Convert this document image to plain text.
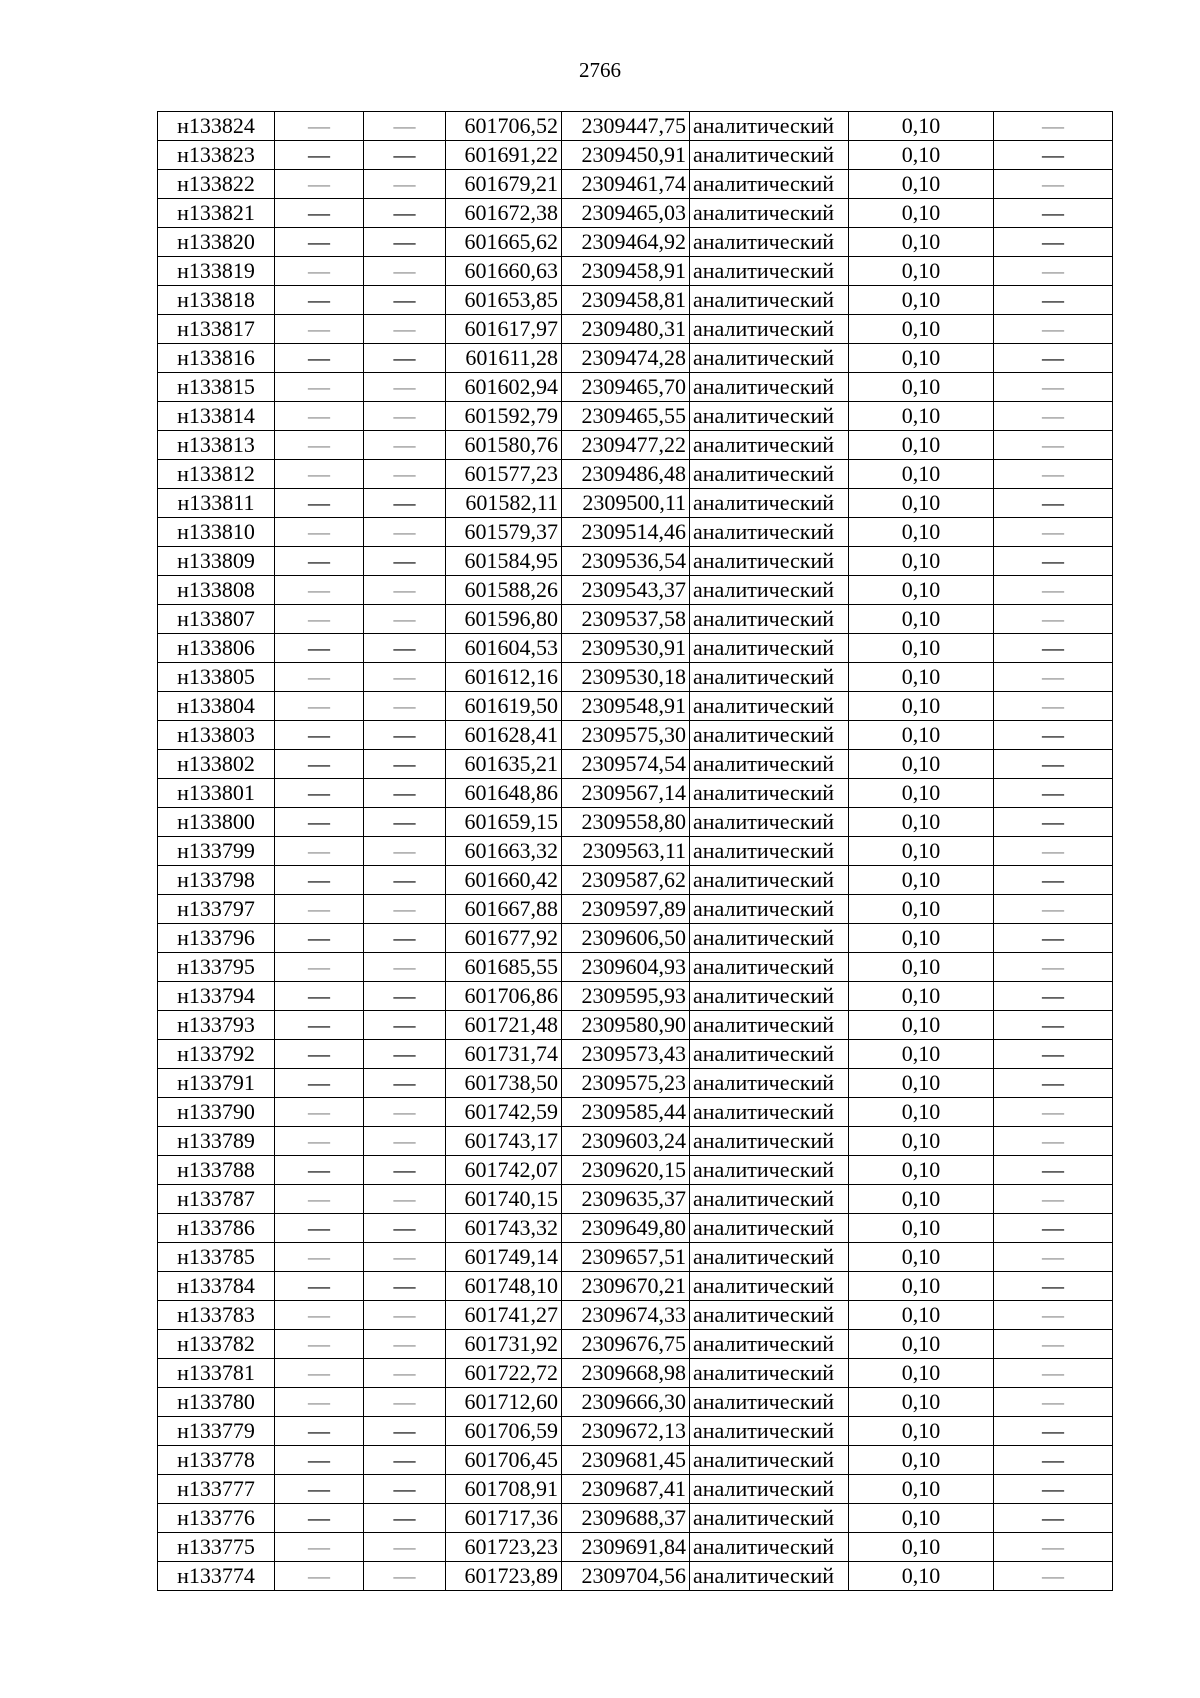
2766
н133824	—	—	601706,52	2309447,75	аналитический	0,10	—
н133823	—	—	601691,22	2309450,91	аналитический	0,10	—
н133822	—	—	601679,21	2309461,74	аналитический	0,10	—
н133821	—	—	601672,38	2309465,03	аналитический	0,10	—
н133820	—	—	601665,62	2309464,92	аналитический	0,10	—
н133819	—	—	601660,63	2309458,91	аналитический	0,10	—
н133818	—	—	601653,85	2309458,81	аналитический	0,10	—
н133817	—	—	601617,97	2309480,31	аналитический	0,10	—
н133816	—	—	601611,28	2309474,28	аналитический	0,10	—
н133815	—	—	601602,94	2309465,70	аналитический	0,10	—
н133814	—	—	601592,79	2309465,55	аналитический	0,10	—
н133813	—	—	601580,76	2309477,22	аналитический	0,10	—
н133812	—	—	601577,23	2309486,48	аналитический	0,10	—
н133811	—	—	601582,11	2309500,11	аналитический	0,10	—
н133810	—	—	601579,37	2309514,46	аналитический	0,10	—
н133809	—	—	601584,95	2309536,54	аналитический	0,10	—
н133808	—	—	601588,26	2309543,37	аналитический	0,10	—
н133807	—	—	601596,80	2309537,58	аналитический	0,10	—
н133806	—	—	601604,53	2309530,91	аналитический	0,10	—
н133805	—	—	601612,16	2309530,18	аналитический	0,10	—
н133804	—	—	601619,50	2309548,91	аналитический	0,10	—
н133803	—	—	601628,41	2309575,30	аналитический	0,10	—
н133802	—	—	601635,21	2309574,54	аналитический	0,10	—
н133801	—	—	601648,86	2309567,14	аналитический	0,10	—
н133800	—	—	601659,15	2309558,80	аналитический	0,10	—
н133799	—	—	601663,32	2309563,11	аналитический	0,10	—
н133798	—	—	601660,42	2309587,62	аналитический	0,10	—
н133797	—	—	601667,88	2309597,89	аналитический	0,10	—
н133796	—	—	601677,92	2309606,50	аналитический	0,10	—
н133795	—	—	601685,55	2309604,93	аналитический	0,10	—
н133794	—	—	601706,86	2309595,93	аналитический	0,10	—
н133793	—	—	601721,48	2309580,90	аналитический	0,10	—
н133792	—	—	601731,74	2309573,43	аналитический	0,10	—
н133791	—	—	601738,50	2309575,23	аналитический	0,10	—
н133790	—	—	601742,59	2309585,44	аналитический	0,10	—
н133789	—	—	601743,17	2309603,24	аналитический	0,10	—
н133788	—	—	601742,07	2309620,15	аналитический	0,10	—
н133787	—	—	601740,15	2309635,37	аналитический	0,10	—
н133786	—	—	601743,32	2309649,80	аналитический	0,10	—
н133785	—	—	601749,14	2309657,51	аналитический	0,10	—
н133784	—	—	601748,10	2309670,21	аналитический	0,10	—
н133783	—	—	601741,27	2309674,33	аналитический	0,10	—
н133782	—	—	601731,92	2309676,75	аналитический	0,10	—
н133781	—	—	601722,72	2309668,98	аналитический	0,10	—
н133780	—	—	601712,60	2309666,30	аналитический	0,10	—
н133779	—	—	601706,59	2309672,13	аналитический	0,10	—
н133778	—	—	601706,45	2309681,45	аналитический	0,10	—
н133777	—	—	601708,91	2309687,41	аналитический	0,10	—
н133776	—	—	601717,36	2309688,37	аналитический	0,10	—
н133775	—	—	601723,23	2309691,84	аналитический	0,10	—
н133774	—	—	601723,89	2309704,56	аналитический	0,10	—
